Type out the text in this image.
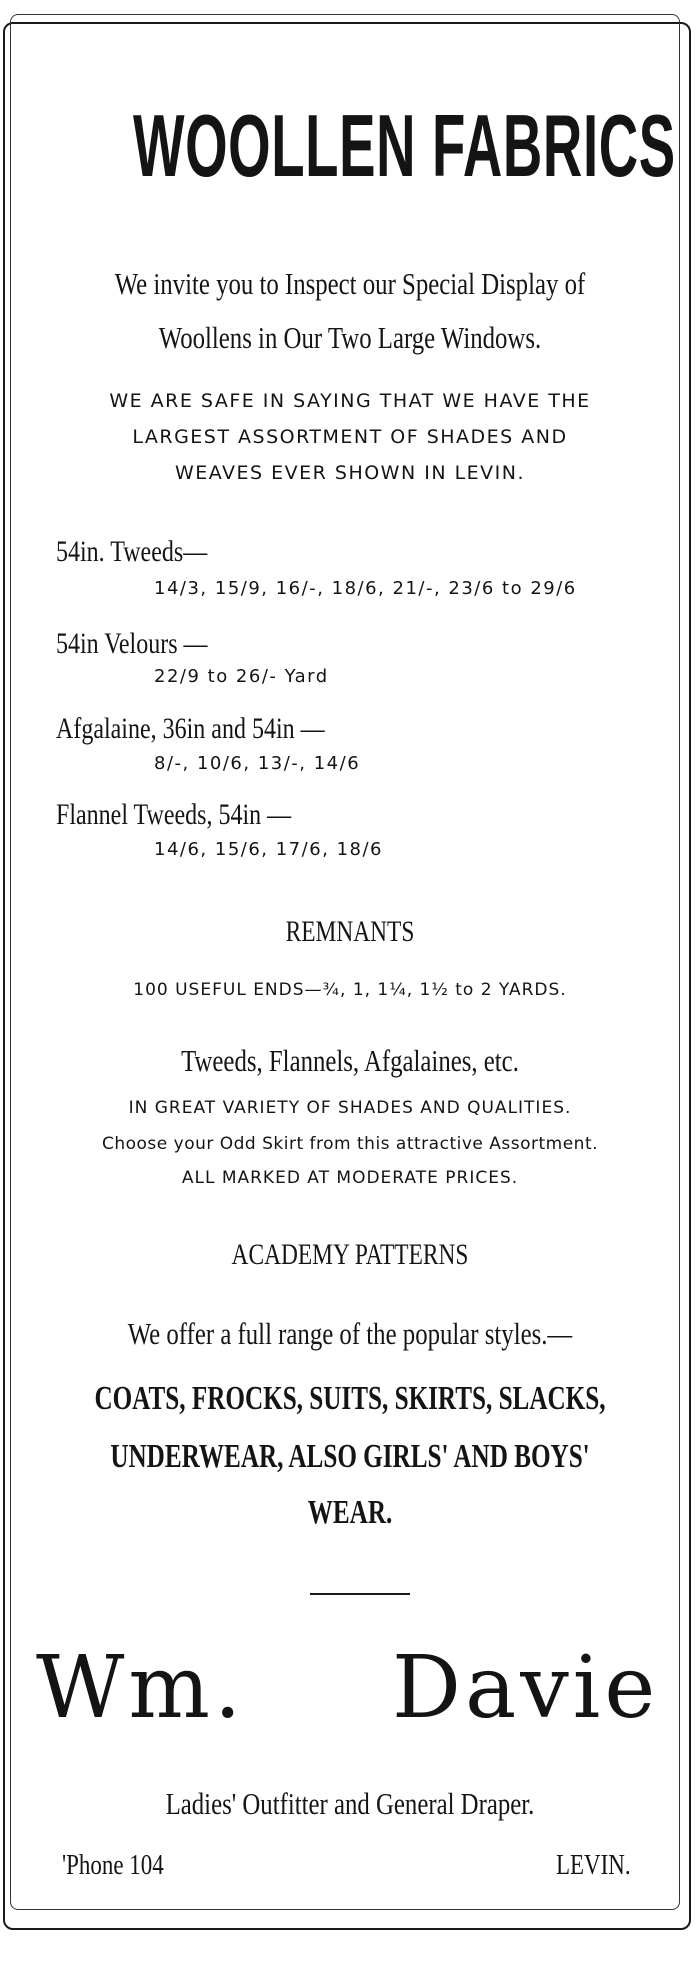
WOOLLEN FABRICS
We invite you to Inspect our Special Display of
Woollens in Our Two Large Windows.
WE ARE SAFE IN SAYING THAT WE HAVE THE
LARGEST ASSORTMENT OF SHADES AND
WEAVES EVER SHOWN IN LEVIN.
54in. Tweeds—
14/3, 15/9, 16/-, 18/6, 21/-, 23/6 to 29/6
54in Velours —
22/9 to 26/- Yard
Afgalaine, 36in and 54in —
8/-, 10/6, 13/-, 14/6
Flannel Tweeds, 54in —
14/6, 15/6, 17/6, 18/6
REMNANTS
100 USEFUL ENDS—¾, 1, 1¼, 1½ to 2 YARDS.
Tweeds, Flannels, Afgalaines, etc.
IN GREAT VARIETY OF SHADES AND QUALITIES.
Choose your Odd Skirt from this attractive Assortment.
ALL MARKED AT MODERATE PRICES.
ACADEMY PATTERNS
We offer a full range of the popular styles.—
COATS, FROCKS, SUITS, SKIRTS, SLACKS,
UNDERWEAR, ALSO GIRLS' AND BOYS'
WEAR.
Wm. Davie
Ladies' Outfitter and General Draper.
'Phone 104	LEVIN.
